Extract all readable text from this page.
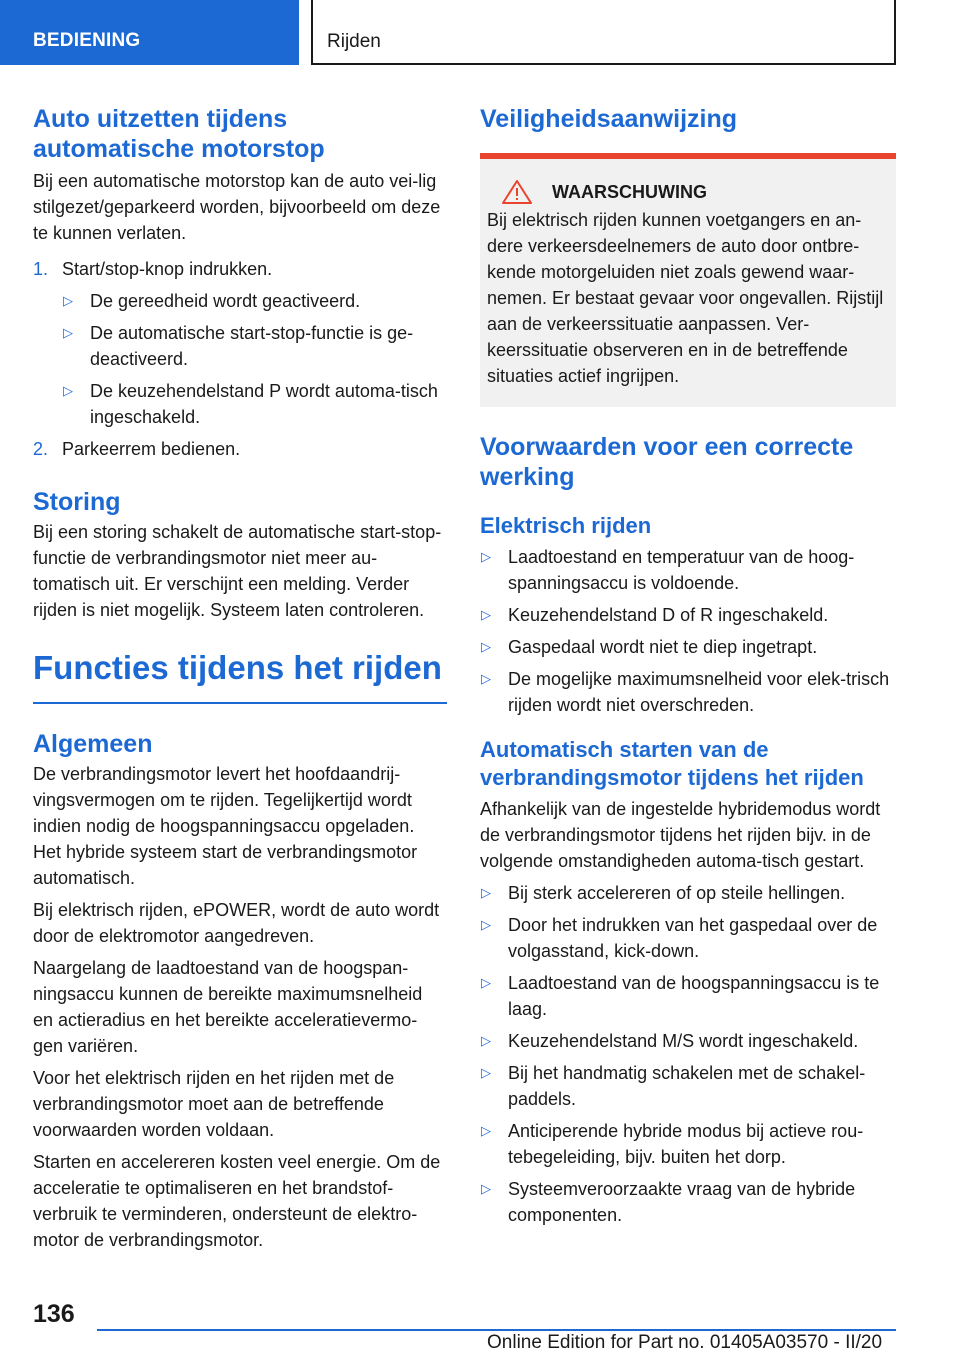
BEDIENING	Rijden
Auto uitzetten tijdens automatische motorstop

Bij een automatische motorstop kan de auto vei-lig stilgezet/geparkeerd worden, bijvoorbeeld om deze te kunnen verlaten.

1. Start/stop-knop indrukken.
▷ De gereedheid wordt geactiveerd.
▷ De automatische start-stop-functie is ge-deactiveerd.
▷ De keuzehendelstand P wordt automa-tisch ingeschakeld.
2. Parkeerrem bedienen.
Storing

Bij een storing schakelt de automatische start-stop-functie de verbrandingsmotor niet meer au-tomatisch uit. Er verschijnt een melding. Verder rijden is niet mogelijk. Systeem laten controleren.

Functies tijdens het rijden
Algemeen

De verbrandingsmotor levert het hoofdaandrij-vingsvermogen om te rijden. Tegelijkertijd wordt indien nodig de hoogspanningsaccu opgeladen. Het hybride systeem start de verbrandingsmotor automatisch.

Bij elektrisch rijden, ePOWER, wordt de auto wordt door de elektromotor aangedreven.

Naargelang de laadtoestand van de hoogspan-ningsaccu kunnen de bereikte maximumsnelheid en actieradius en het bereikte acceleratievermo-gen variëren.

Voor het elektrisch rijden en het rijden met de verbrandingsmotor moet aan de betreffende voorwaarden worden voldaan.

Starten en accelereren kosten veel energie. Om de acceleratie te optimaliseren en het brandstof-verbruik te verminderen, ondersteunt de elektro-motor de verbrandingsmotor.

Veiligheidsaanwijzing
WAARSCHUWING
Bij elektrisch rijden kunnen voetgangers en an-dere verkeersdeelnemers de auto door ontbre-kende motorgeluiden niet zoals gewend waar-nemen. Er bestaat gevaar voor ongevallen. Rijstijl aan de verkeerssituatie aanpassen. Ver-keerssituatie observeren en in de betreffende situaties actief ingrijpen.
Voorwaarden voor een correcte werking
Elektrisch rijden
▷ Laadtoestand en temperatuur van de hoog-spanningsaccu is voldoende.
▷ Keuzehendelstand D of R ingeschakeld.
▷ Gaspedaal wordt niet te diep ingetrapt.
▷ De mogelijke maximumsnelheid voor elek-trisch rijden wordt niet overschreden.
Automatisch starten van de verbrandingsmotor tijdens het rijden

Afhankelijk van de ingestelde hybridemodus wordt de verbrandingsmotor tijdens het rijden bijv. in de volgende omstandigheden automa-tisch gestart.

▷ Bij sterk accelereren of op steile hellingen.
▷ Door het indrukken van het gaspedaal over de volgasstand, kick-down.
▷ Laadtoestand van de hoogspanningsaccu is te laag.
▷ Keuzehendelstand M/S wordt ingeschakeld.
▷ Bij het handmatig schakelen met de schakel-paddels.
▷ Anticiperende hybride modus bij actieve rou-tebegeleiding, bijv. buiten het dorp.
▷ Systeemveroorzaakte vraag van de hybride componenten.
136
Online Edition for Part no. 01405A03570 - II/20
